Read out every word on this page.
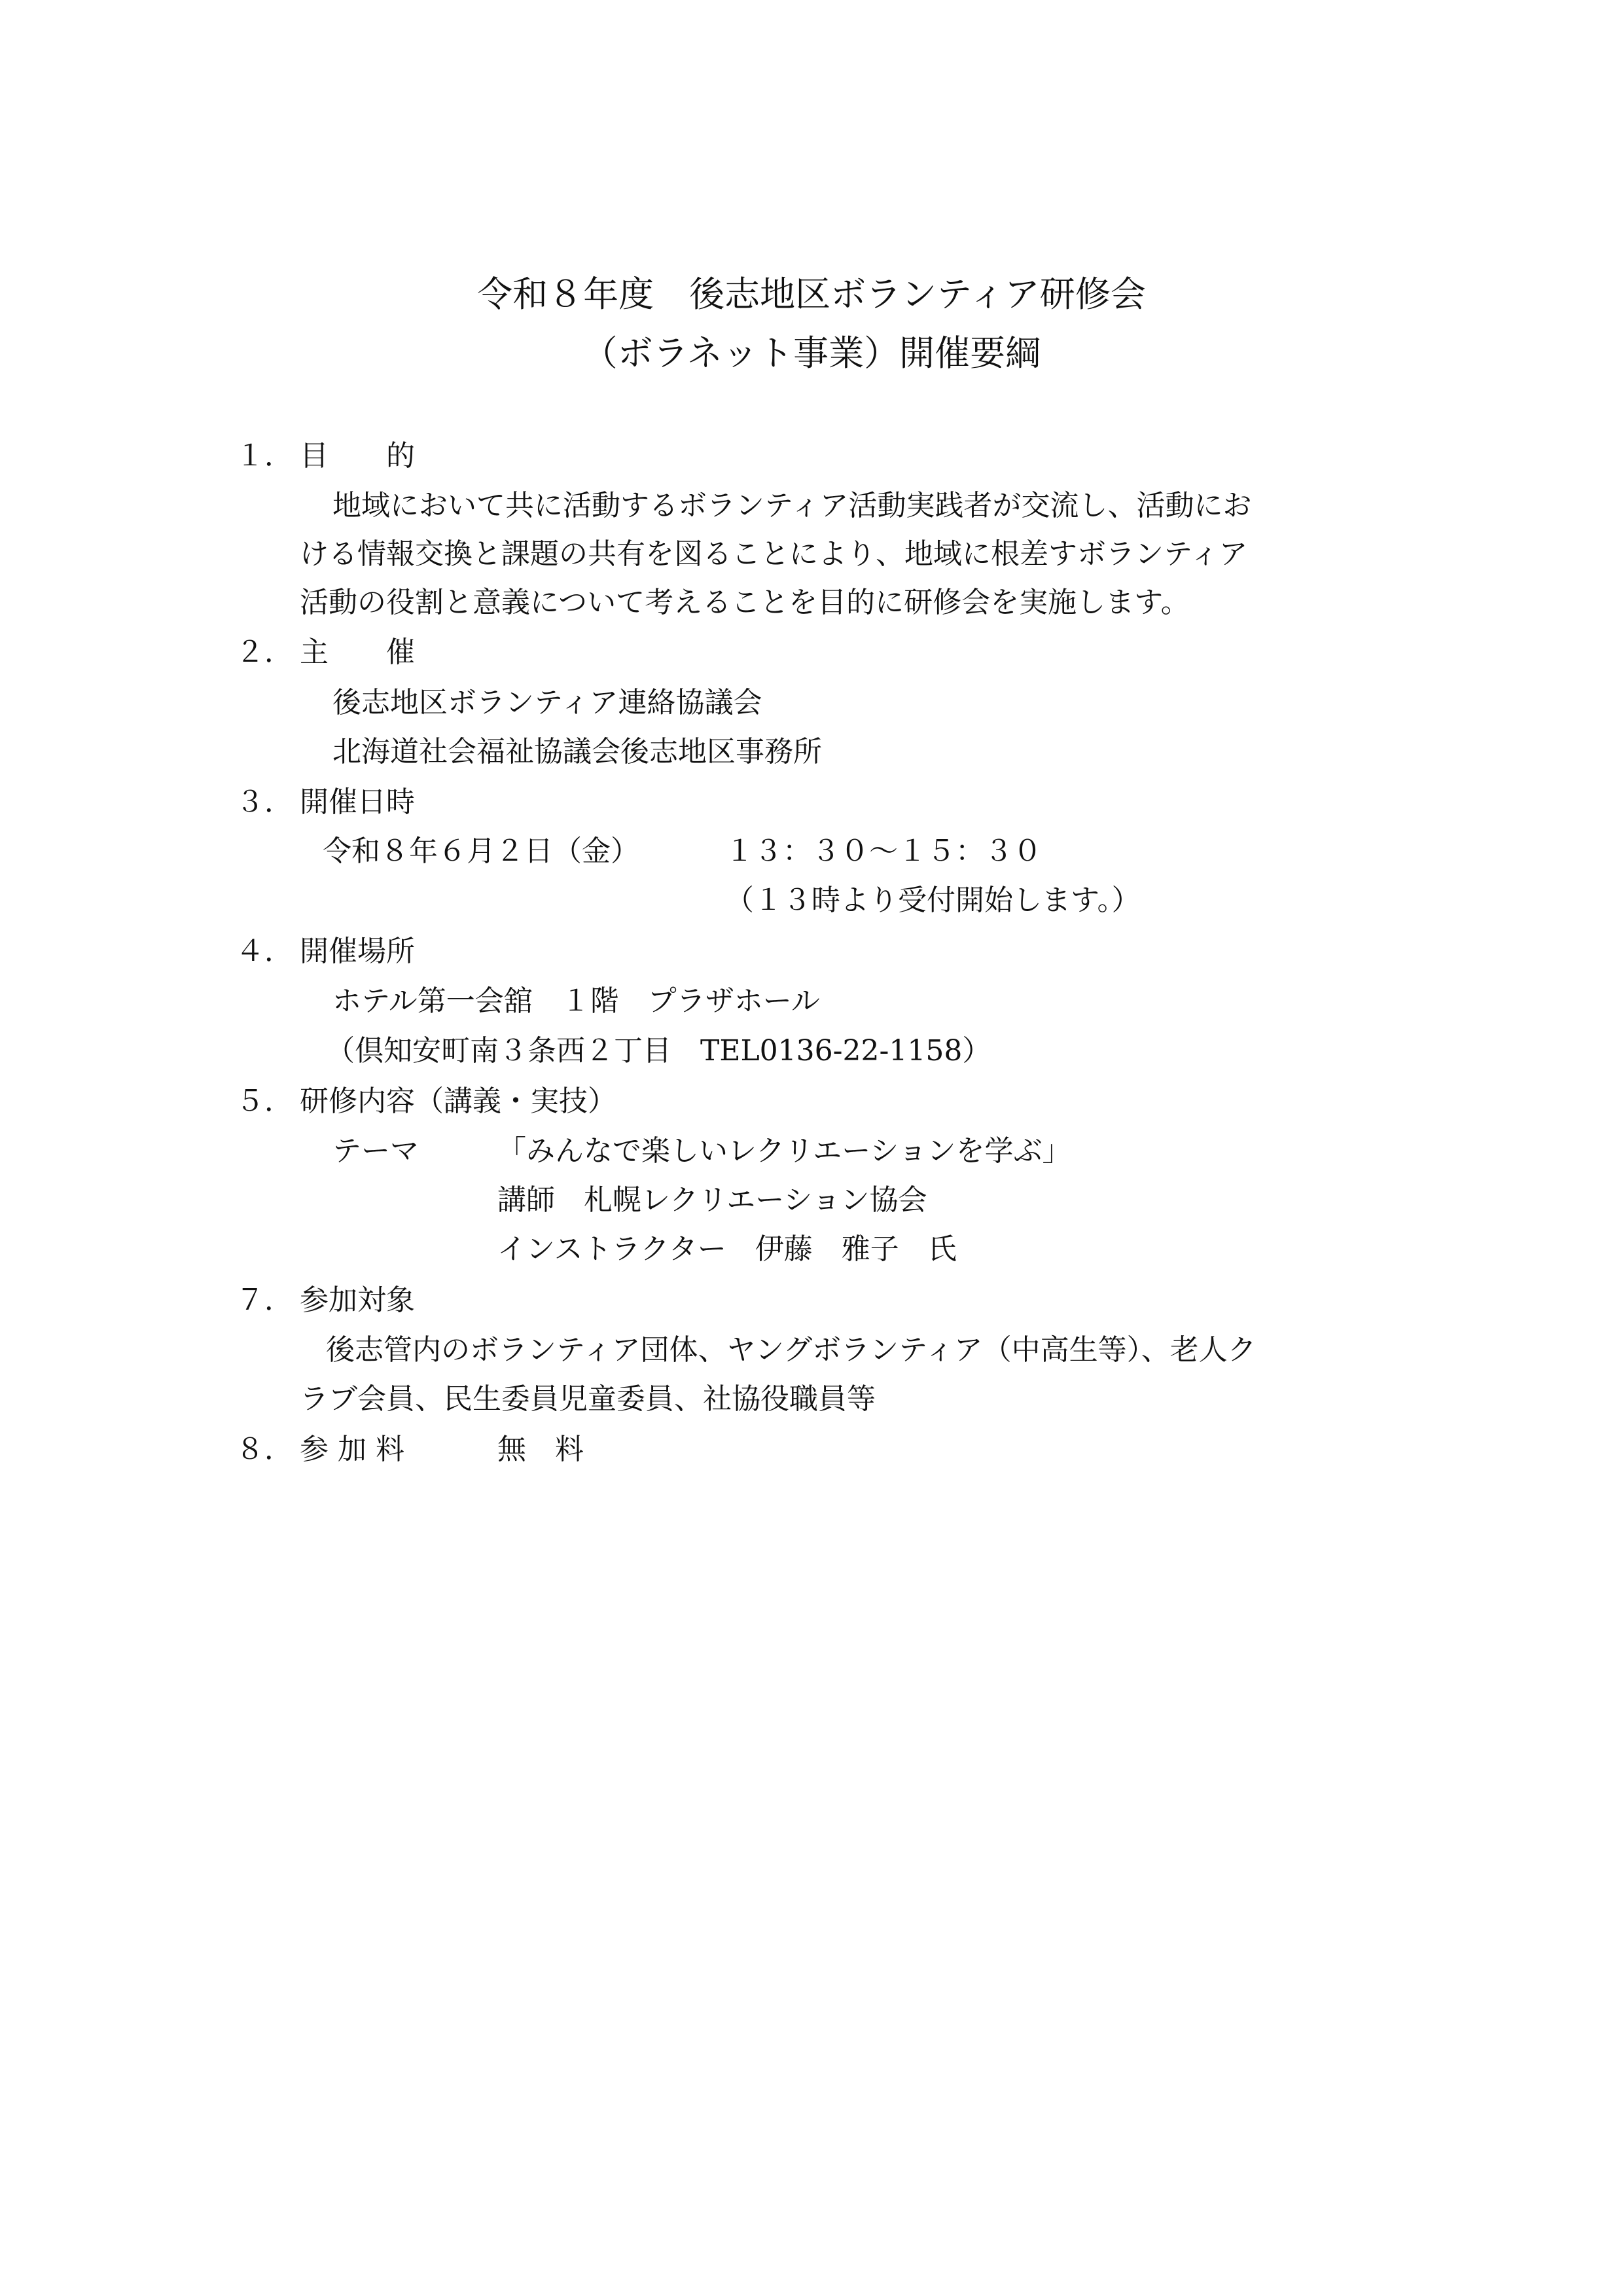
令和８年度　後志地区ボランティア研修会
（ボラネット事業）開催要綱
１． 目　　的
地域において共に活動するボランティア活動実践者が交流し、活動にお
ける情報交換と課題の共有を図ることにより、地域に根差すボランティア
活動の役割と意義について考えることを目的に研修会を実施します。
２． 主　　催
後志地区ボランティア連絡協議会
北海道社会福祉協議会後志地区事務所
３． 開催日時
令和８年６月２日（金）	１３：３０～１５：３０
（１３時より受付開始します。）
４． 開催場所
ホテル第一会舘　１階　プラザホール
（倶知安町南３条西２丁目　TEL0136-22-1158）
５． 研修内容（講義・実技）
テーマ	「みんなで楽しいレクリエーションを学ぶ」
講師　札幌レクリエーション協会
インストラクター　伊藤　雅子　氏
７． 参加対象
後志管内のボランティア団体、ヤングボランティア（中高生等）、老人ク
ラブ会員、民生委員児童委員、社協役職員等
８． 参 加 料	無　料
